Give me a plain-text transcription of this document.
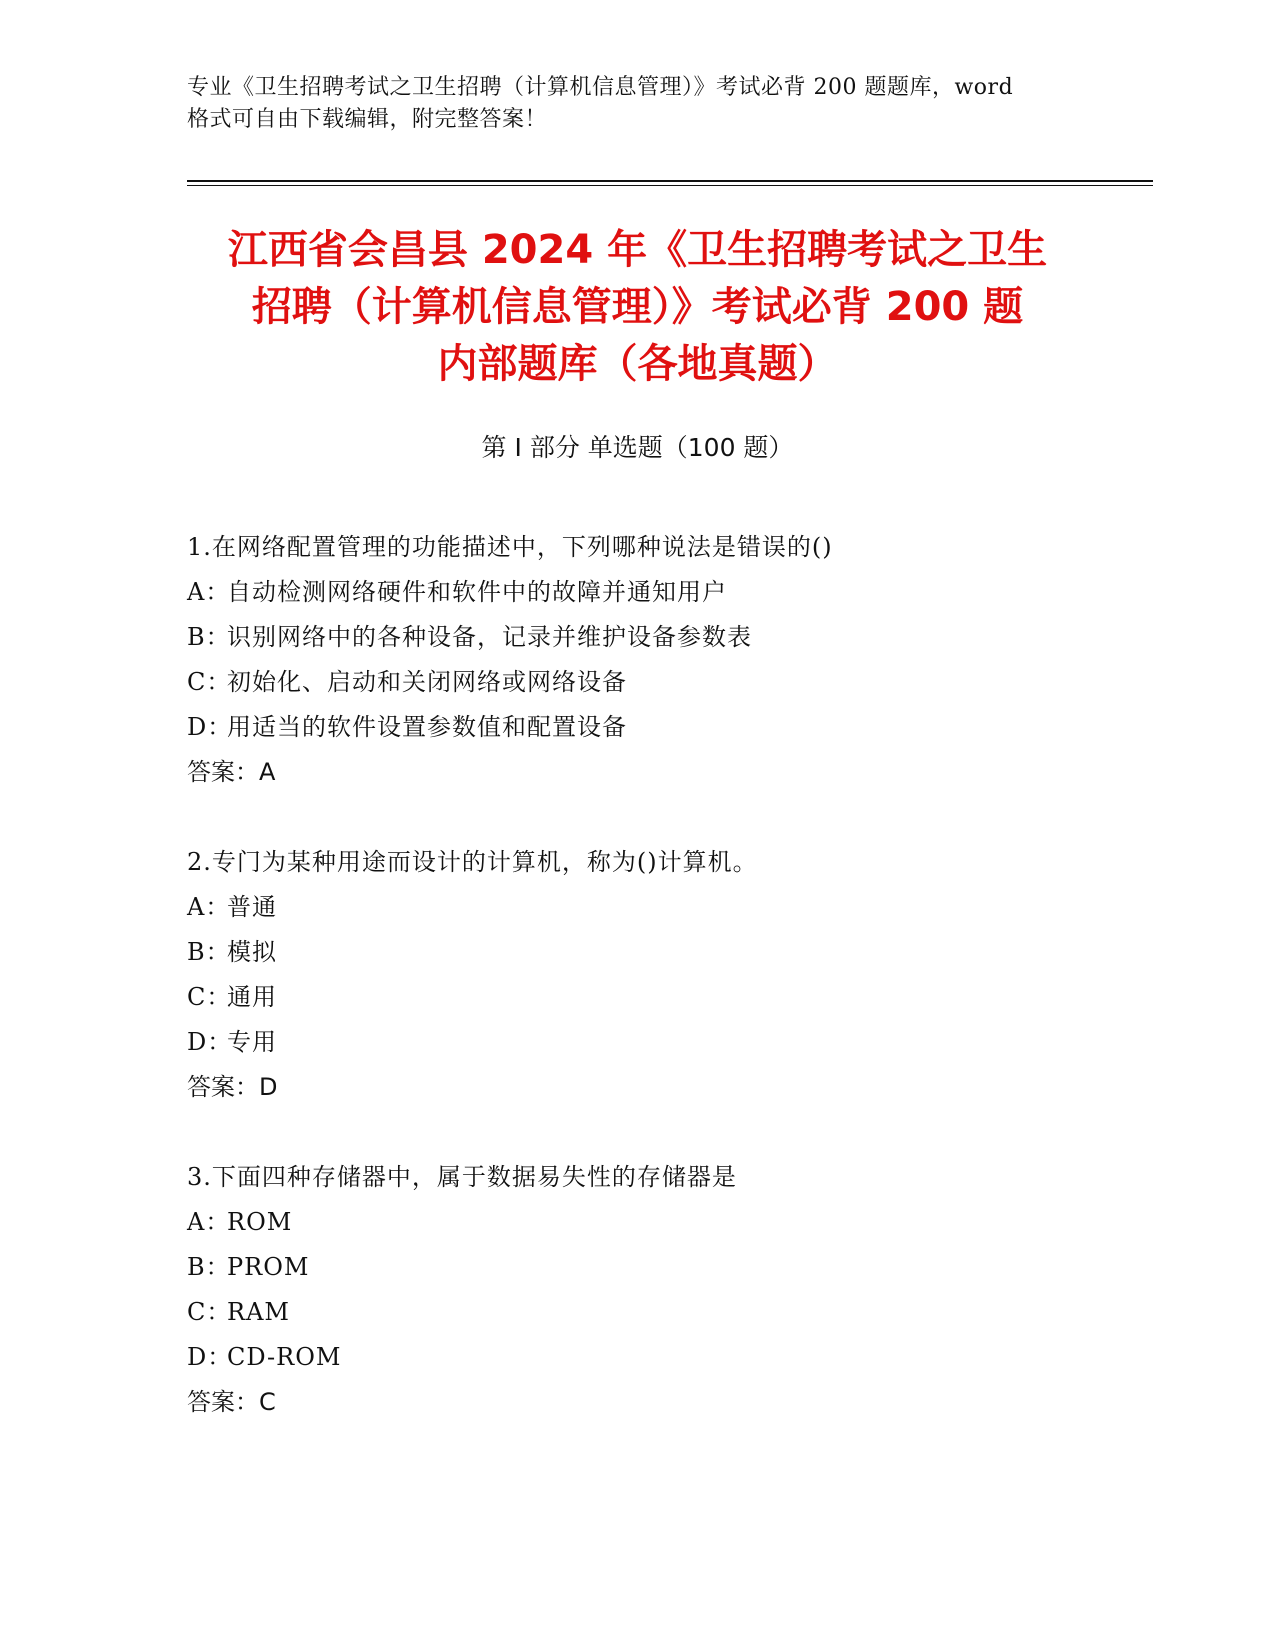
专业《卫生招聘考试之卫生招聘（计算机信息管理）》考试必背 200 题题库，word
格式可自由下载编辑，附完整答案！
江西省会昌县 2024 年《卫生招聘考试之卫生
招聘（计算机信息管理）》考试必背 200 题
内部题库（各地真题）
第 I 部分 单选题（100 题）
1.在网络配置管理的功能描述中，下列哪种说法是错误的()
A：自动检测网络硬件和软件中的故障并通知用户
B：识别网络中的各种设备，记录并维护设备参数表
C：初始化、启动和关闭网络或网络设备
D：用适当的软件设置参数值和配置设备
答案：A
2.专门为某种用途而设计的计算机，称为()计算机。
A：普通
B：模拟
C：通用
D：专用
答案：D
3.下面四种存储器中，属于数据易失性的存储器是
A：ROM
B：PROM
C：RAM
D：CD-ROM
答案：C
